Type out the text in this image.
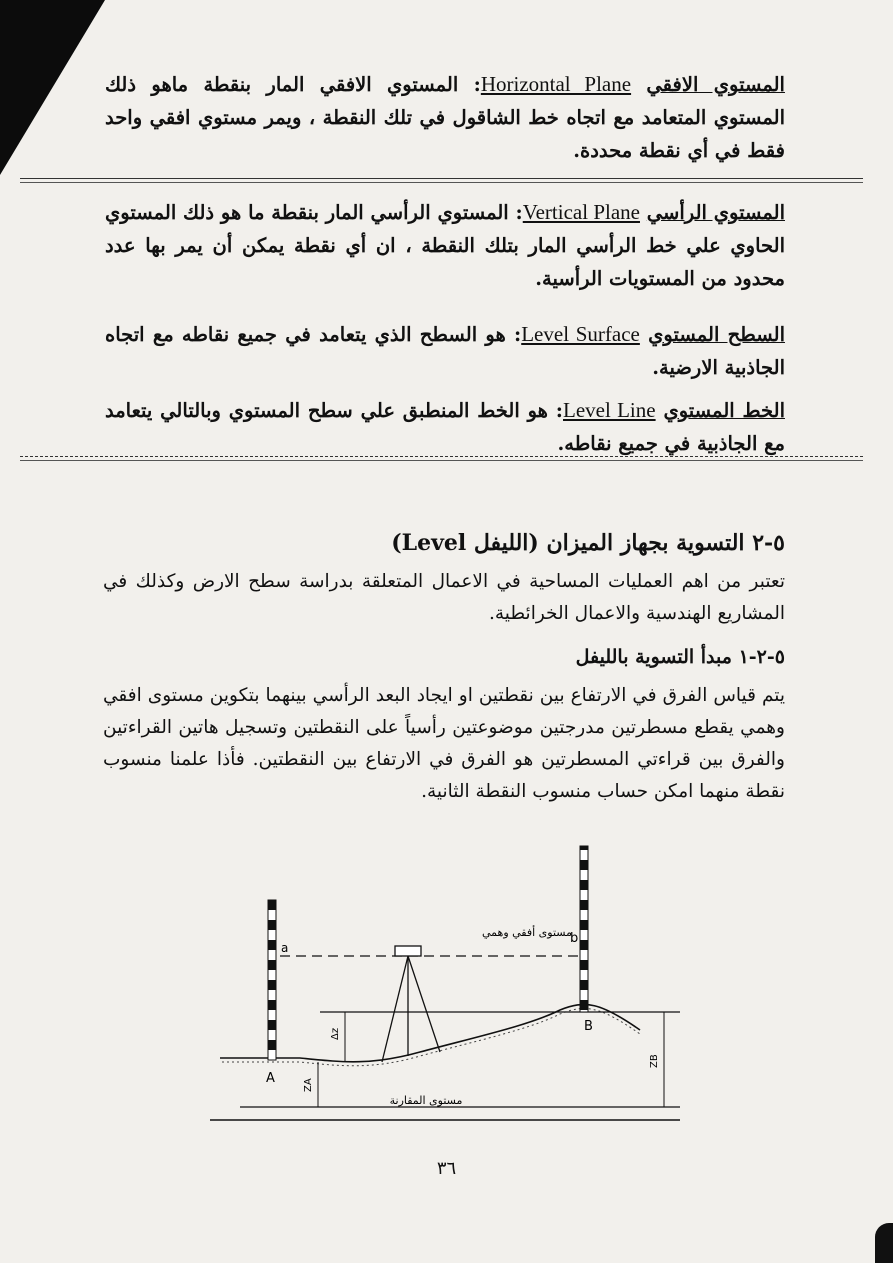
المستوي الافقي Horizontal Plane: المستوي الافقي المار بنقطة ماهو ذلك المستوي المتعامد مع اتجاه خط الشاقول في تلك النقطة ، ويمر مستوي افقي واحد فقط في أي نقطة محددة.
المستوي الرأسي Vertical Plane: المستوي الرأسي المار بنقطة ما هو ذلك المستوي الحاوي علي خط الرأسي المار بتلك النقطة ، ان أي نقطة يمكن أن يمر بها عدد محدود من المستويات الرأسية.
السطح المستوي Level Surface: هو السطح الذي يتعامد في جميع نقاطه مع اتجاه الجاذبية الارضية.
الخط المستوي Level Line: هو الخط المنطبق علي سطح المستوي وبالتالي يتعامد مع الجاذبية في جميع نقاطه.
٥-٢ التسوية بجهاز الميزان (الليفل Level)
تعتبر من اهم العمليات المساحية في الاعمال المتعلقة بدراسة سطح الارض وكذلك في المشاريع الهندسية والاعمال الخرائطية.
٥-٢-١ مبدأ التسوية بالليفل
يتم قياس الفرق في الارتفاع بين نقطتين او ايجاد البعد الرأسي بينهما بتكوين مستوى افقي وهمي يقطع مسطرتين مدرجتين موضوعتين رأسياً على النقطتين وتسجيل هاتين القراءتين والفرق بين قراءتي المسطرتين هو الفرق في الارتفاع بين النقطتين. فأذا علمنا منسوب نقطة منهما امكن حساب منسوب النقطة الثانية.
مستوى أفقي وهمي
a
b
A
B
Δz
ZA
ZB
مستوى المقارنة
٣٦
